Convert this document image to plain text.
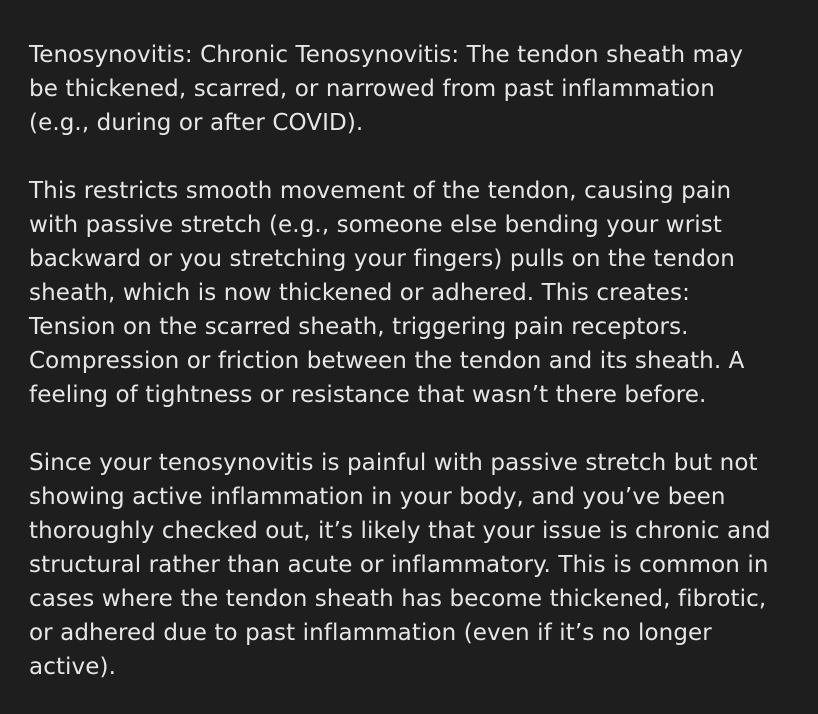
Tenosynovitis: Chronic Tenosynovitis: The tendon sheath may
be thickened, scarred, or narrowed from past inflammation
(e.g., during or after COVID).

This restricts smooth movement of the tendon, causing pain
with passive stretch (e.g., someone else bending your wrist
backward or you stretching your fingers) pulls on the tendon
sheath, which is now thickened or adhered. This creates:
Tension on the scarred sheath, triggering pain receptors.
Compression or friction between the tendon and its sheath. A
feeling of tightness or resistance that wasn’t there before.

Since your tenosynovitis is painful with passive stretch but not
showing active inflammation in your body, and you’ve been
thoroughly checked out, it’s likely that your issue is chronic and
structural rather than acute or inflammatory. This is common in
cases where the tendon sheath has become thickened, fibrotic,
or adhered due to past inflammation (even if it’s no longer
active).
